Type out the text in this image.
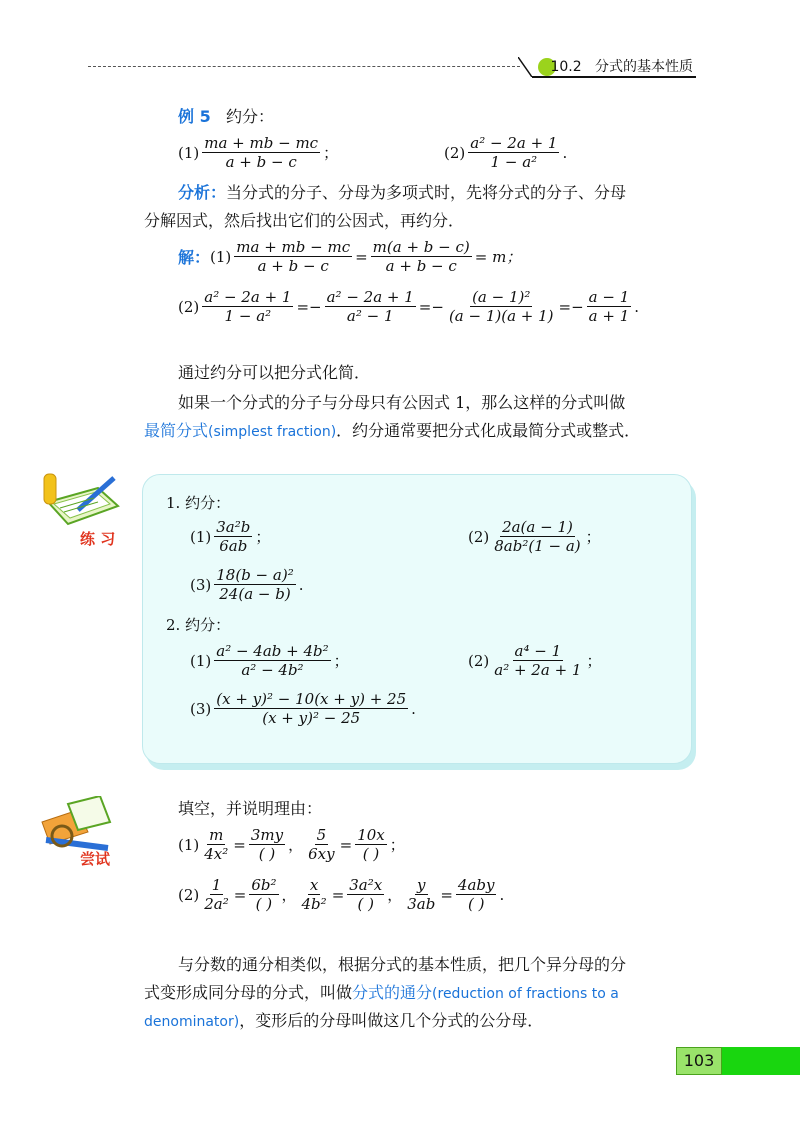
10.2 分式的基本性质
例 5 约分：
$(1) \frac{ma + mb - mc}{a + b - c}$ ；	$(2) \frac{\text{a² − 2a + 1}}{\text{1 − a²}}$ .
分析：当分式的分子、分母为多项式时，先将分式的分子、分母
分解因式，然后找出它们的公因式，再约分．
解： $(1) \frac{ma + mb - mc}{a + b - c} = \frac{m(a + b - c)}{a + b - c} = m$；
$(2) \frac{\text{a² − 2a + 1}}{\text{1 − a²}} =- \frac{\text{a² − 2a + 1}}{\text{a² − 1}} =- \frac{\text{(a − 1)²}}{(a - 1)(a + 1)} =- \frac{a - 1}{a + 1}$ .
通过约分可以把分式化简．
如果一个分式的分子与分母只有公因式 1，那么这样的分式叫做
最简分式(simplest fraction)．约分通常要把分式化成最简分式或整式．
练 习
1. 约分：
$(1) \frac{\text{3a²b}}{6ab}$ ；	$(2) \frac{2a(a - 1)}{\text{8ab²(1 − a)}}$ ；
$(3) \frac{\text{18(b − a)²}}{24(a - b)}$ .
2. 约分：
$(1) \frac{\text{a² − 4ab + 4b²}}{\text{a² − 4b²}}$ ；	$(2) \frac{\text{a⁴ − 1}}{\text{a² + 2a + 1}}$ ；
$(3) \frac{\text{(x + y)² − 10(x + y) + 25}}{\text{(x + y)² − 25}}$ .
尝试
填空，并说明理由：
$(1) \frac{m}{\text{4x²}}$ =
3my
( ) ， $\frac{5}{6xy}$ =
10x
( ) ；
$(2) \frac{1}{\text{2a²}}$ =
6b²
( ) ， $\frac{x}{\text{4b²}}$ =
3a²x
( ) ， $\frac{y}{3ab}$ =
4aby
( )
.
与分数的通分相类似，根据分式的基本性质，把几个异分母的分
式变形成同分母的分式，叫做分式的通分(reduction of fractions to a
denominator)，变形后的分母叫做这几个分式的公分母．
103
